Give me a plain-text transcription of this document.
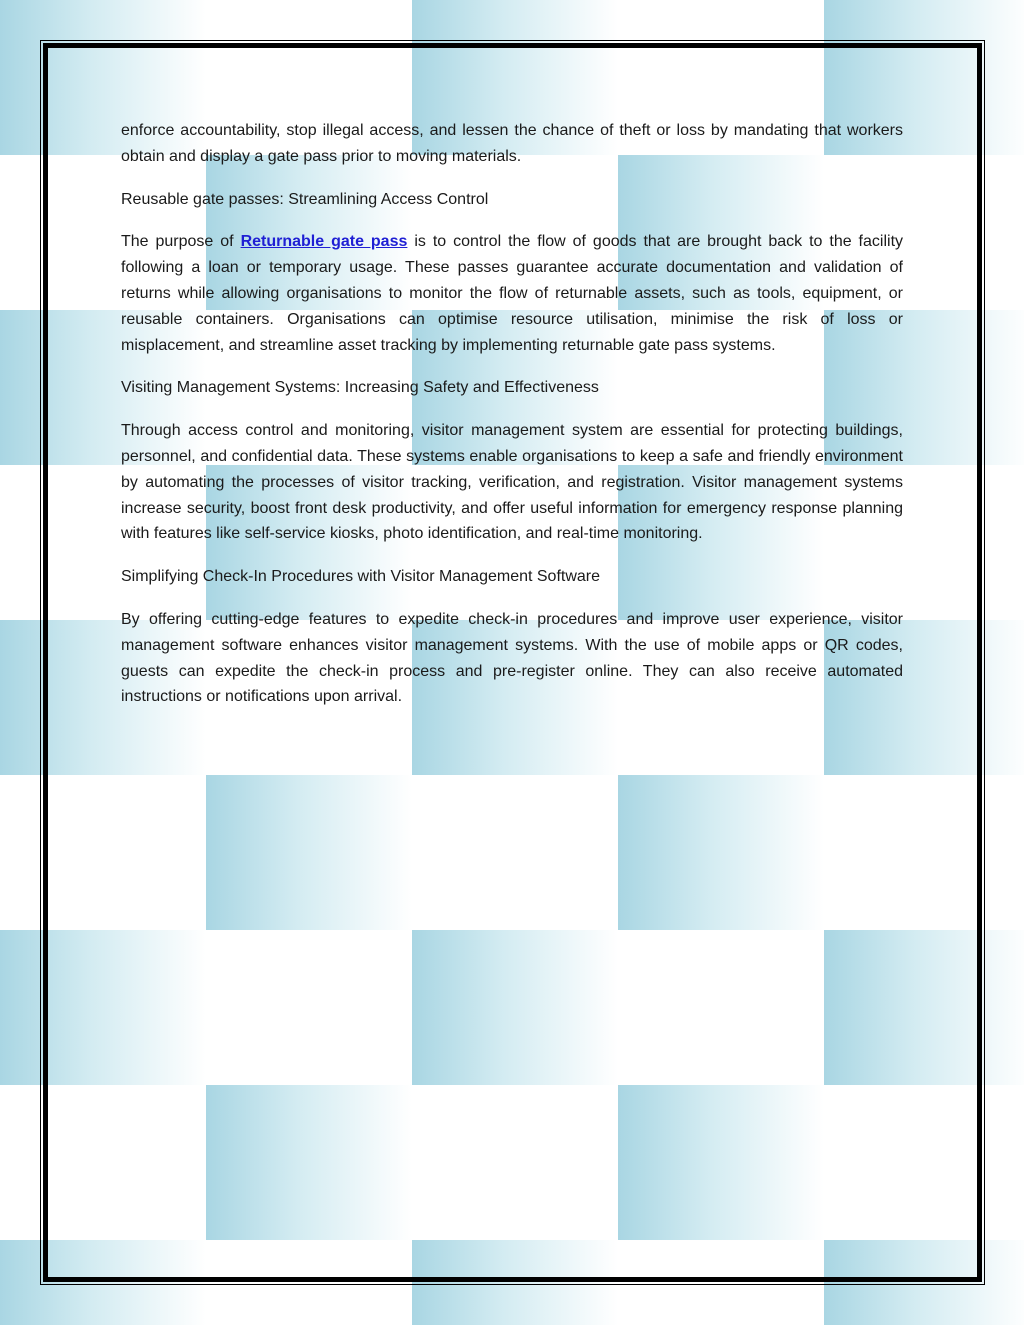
enforce accountability, stop illegal access, and lessen the chance of theft or loss by mandating that workers obtain and display a gate pass prior to moving materials.

Reusable gate passes: Streamlining Access Control

The purpose of Returnable gate pass is to control the flow of goods that are brought back to the facility following a loan or temporary usage. These passes guarantee accurate documentation and validation of returns while allowing organisations to monitor the flow of returnable assets, such as tools, equipment, or reusable containers. Organisations can optimise resource utilisation, minimise the risk of loss or misplacement, and streamline asset tracking by implementing returnable gate pass systems.

Visiting Management Systems: Increasing Safety and Effectiveness

Through access control and monitoring, visitor management system are essential for protecting buildings, personnel, and confidential data. These systems enable organisations to keep a safe and friendly environment by automating the processes of visitor tracking, verification, and registration. Visitor management systems increase security, boost front desk productivity, and offer useful information for emergency response planning with features like self-service kiosks, photo identification, and real-time monitoring.

Simplifying Check-In Procedures with Visitor Management Software

By offering cutting-edge features to expedite check-in procedures and improve user experience, visitor management software enhances visitor management systems. With the use of mobile apps or QR codes, guests can expedite the check-in process and pre-register online. They can also receive automated instructions or notifications upon arrival.
